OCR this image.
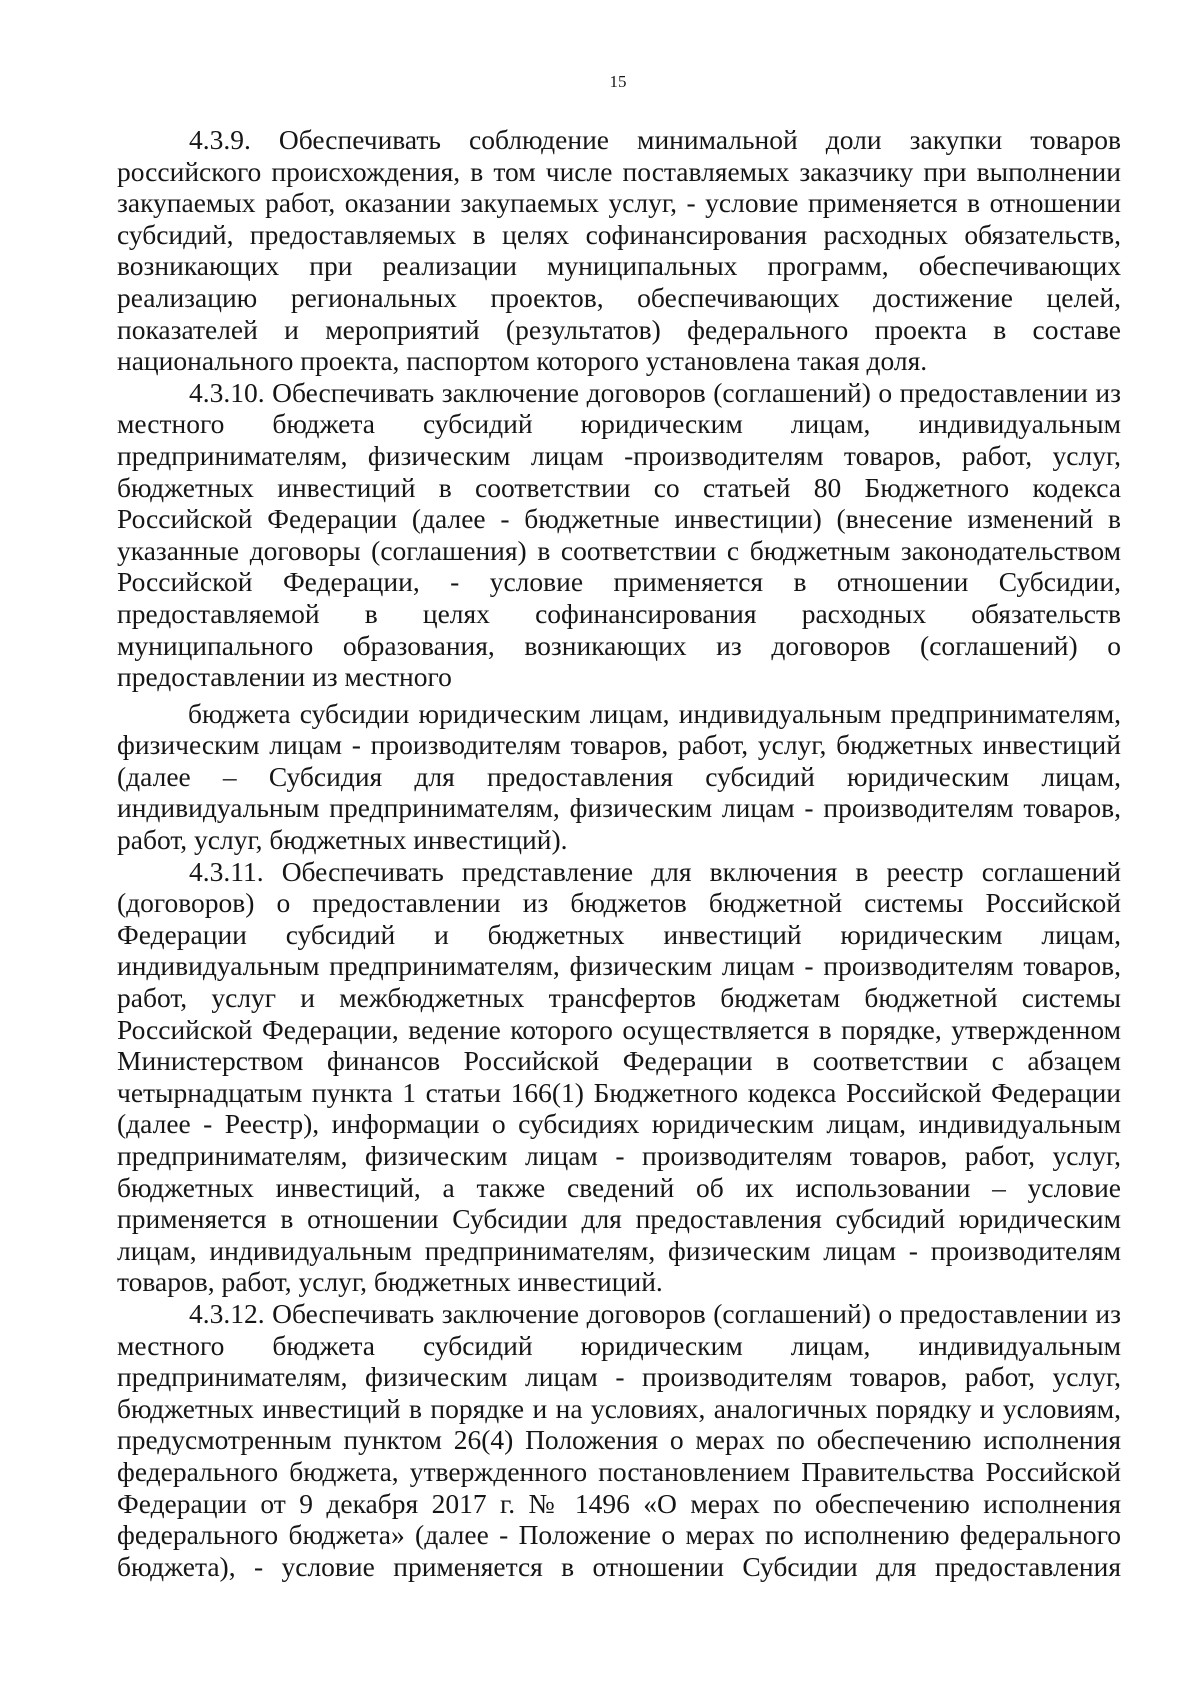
15
4.3.9. Обеспечивать соблюдение минимальной доли закупки товаров
российского происхождения, в том числе поставляемых заказчику при выполнении
закупаемых работ, оказании закупаемых услуг, - условие применяется в отношении
субсидий, предоставляемых в целях софинансирования расходных обязательств,
возникающих при реализации муниципальных программ, обеспечивающих
реализацию региональных проектов, обеспечивающих достижение целей,
показателей и мероприятий (результатов) федерального проекта в составе
национального проекта, паспортом которого установлена такая доля.
4.3.10. Обеспечивать заключение договоров (соглашений) о предоставлении из
местного бюджета субсидий юридическим лицам, индивидуальным
предпринимателям, физическим лицам -производителям товаров, работ, услуг,
бюджетных инвестиций в соответствии со статьей 80 Бюджетного кодекса
Российской Федерации (далее - бюджетные инвестиции) (внесение изменений в
указанные договоры (соглашения) в соответствии с бюджетным законодательством
Российской Федерации, - условие применяется в отношении Субсидии,
предоставляемой в целях софинансирования расходных обязательств
муниципального образования, возникающих из договоров (соглашений) о
предоставлении из местного
бюджета субсидии юридическим лицам, индивидуальным предпринимателям,
физическим лицам - производителям товаров, работ, услуг, бюджетных инвестиций
(далее – Субсидия для предоставления субсидий юридическим лицам,
индивидуальным предпринимателям, физическим лицам - производителям товаров,
работ, услуг, бюджетных инвестиций).
4.3.11. Обеспечивать представление для включения в реестр соглашений
(договоров) о предоставлении из бюджетов бюджетной системы Российской
Федерации субсидий и бюджетных инвестиций юридическим лицам,
индивидуальным предпринимателям, физическим лицам - производителям товаров,
работ, услуг и межбюджетных трансфертов бюджетам бюджетной системы
Российской Федерации, ведение которого осуществляется в порядке, утвержденном
Министерством финансов Российской Федерации в соответствии с абзацем
четырнадцатым пункта 1 статьи 166(1) Бюджетного кодекса Российской Федерации
(далее - Реестр), информации о субсидиях юридическим лицам, индивидуальным
предпринимателям, физическим лицам - производителям товаров, работ, услуг,
бюджетных инвестиций, а также сведений об их использовании – условие
применяется в отношении Субсидии для предоставления субсидий юридическим
лицам, индивидуальным предпринимателям, физическим лицам - производителям
товаров, работ, услуг, бюджетных инвестиций.
4.3.12. Обеспечивать заключение договоров (соглашений) о предоставлении из
местного бюджета субсидий юридическим лицам, индивидуальным
предпринимателям, физическим лицам - производителям товаров, работ, услуг,
бюджетных инвестиций в порядке и на условиях, аналогичных порядку и условиям,
предусмотренным пунктом 26(4) Положения о мерах по обеспечению исполнения
федерального бюджета, утвержденного постановлением Правительства Российской
Федерации от 9 декабря 2017 г. № 1496 «О мерах по обеспечению исполнения
федерального бюджета» (далее - Положение о мерах по исполнению федерального
бюджета), - условие применяется в отношении Субсидии для предоставления
